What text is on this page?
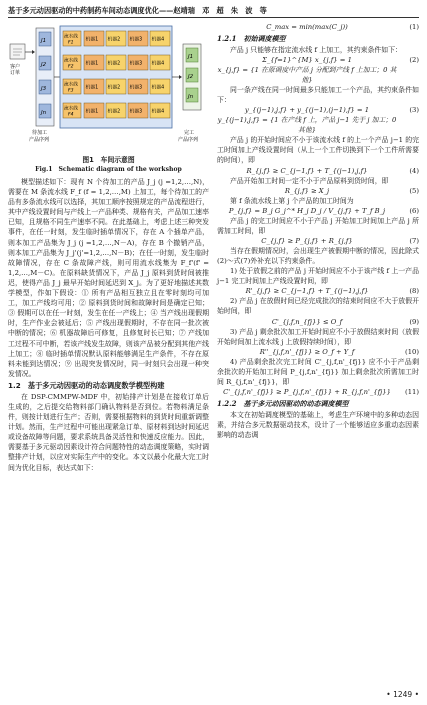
基于多元动因驱动的中药制药车间动态调度优化——赵靖瑞　邓　超　朱　波　等
客户
订单
J1
J2
J3
Jn
待加工
产品序列
流水线
F1
机器1 机器2 机器3 机器4
流水线
F2
机器1 机器2 机器3 机器4
流水线
F3
机器1 机器2 机器3 机器4
流水线
F4
机器1 机器2 机器3 机器4
J1
J2
Jn
完工
产品序列
图1　车间示意图
Fig.1　Schematic diagram of the workshop

模型描述如下：现有 N 个待加工的产品 J_j (j =1,2,…,N)，需要在 M 条流水线 F_f (f = 1,2,…,M) 上加工，每个待加工的产品有多条流水线可以选择，其加工顺序按照规定的产品流程进行，其中产线设置时间与产线上一产品种类、规格有关，产品加工速率已知，且规格不同生产速率不同。在此基础上，考虑上述三种突发事件，在任一时刻，发生临时插单情况下，存在 A 个插单产品，则本加工产品集为 J_j (j =1,2,…,N－A)，存在 B 个撤销产品，则本加工产品集为 J_j'(j'=1,2,…,N－B)；在任一时刻，发生临时故障情况，存在 C 条故障产线，则可用流水线集为 F_f'(f' = 1,2,…,M－C)。在原料缺货情况下，产品 J_j 原料到货时间被推迟，使得产品 J_j 最早开始时间延迟到 X_j。为了更好地描述其数学模型，作如下假设：① 所有产品相互独立且在零时刻均可加工，加工产线均可用；② 原料到货时间和故障时间是确定已知；③ 假期可以在任一时刻，发生在任一产线上；④ 当产线出现假期时，生产作业会被延后；⑤ 产线出现假期时，不存在同一批次被中断的情况；⑥ 机器故障后可修复，且修复时长已知；⑦ 产线加工过程不可中断，若该产线发生故障，则该产品被分配到其他产线上加工；⑧ 临时插单情况默认原料能够满足生产条件，不存在原料未能到达情况；⑨ 出现突发情况时，同一时刻只会出现一种突发情况。

1.2　基于多元动因驱动的动态调度数学模型构建

在 DSP-CMMPW-MDF 中，初始排产计划是在接收订单后生成的，之后提交给物料部门确认物料是否到位。若物料满足条件，则按计划进行生产；否则，需要根据物料的到货时间重新调整计划。然而，生产过程中可能出现紧急订单、原材料到达时间延迟或设备故障等问题，要求系统具备灵活性和快速反应能力。因此，需要基于多元驱动因素设计符合问题特性的动态调度策略，实时调整排产计划，以应对实际生产中的变化。本文以最小化最大完工时间为优化目标，表达式如下：

C_max = min(max(C_j))	(1)
1.2.1　初始调度模型

产品 j 只能够在指定流水线 f 上加工，其约束条件如下：

Σ_{f=1}^{M} x_{j,f} = 1	(2)
x_{j,f} = {1 在原调度中产品 j 分配到产线 f 上加工；0 其他}

同一条产线在同一时间最多只能加工一个产品，其约束条件如下：

y_{(j−1),j,f} + y_{(j−1),(j−1),f} = 1	(3)
y_{(j−1),j,f} = {1 在产线 f 上，产品 j−1 先于 j 加工；0 其他}

产品 j 的开始时间应不小于该流水线 f 的上一个产品 j−1 的完工时间加上产线设置时间（从上一个工件切换到下一个工件所需要的时间），即

R_{j,f} ≥ C_{j−1,f} + T_{(j−1),j,f}	(4)

产品开始加工时间一定不小于产品原料到货时间，即

R_{j,f} ≥ X_j	(5)

第 f 条流水线上第 j 个产品的加工时间为

P_{j,f} = B_j G_j^* H_j D_j / V_{j,f} + T_f B_j	(6)

产品 j 的完工时间应不小于产品 j 开始加工时间加上产品 j 所需加工时间，即

C_{j,f} ≥ P_{j,f} + R_{j,f}	(7)

当存在假期情况时，会出现生产被假期中断的情况，因此除式(2)～式(7)外补充以下约束条件。

1) 处于放假之前的产品 j 开始时间应不小于该产线 f 上一产品 j−1 完工时间加上产线设置时间，即

R'_{j,f} ≥ C_{j−1,f} + T_{(j−1),j,f}	(8)

2) 产品 j 在放假时间已经完成批次的结束时间应不大于放假开始时间，即

C'_{j,f,n_{fj}} ≤ O_f	(9)

3) 产品 j 剩余批次加工开始时间应不小于放假结束时间（放假开始时间加上流水线 j 上放假持续时间），即

R''_{j,f,n'_{fj}} ≥ O_f + Y_f	(10)

4) 产品剩余批次完工时间 C'_{j,f,n'_{fj}} 应不小于产品剩余批次的开始加工时间 P_{j,f,n'_{fj}} 加上剩余批次所需加工时间 R_{j,f,n'_{fj}}，即

C'_{j,f,n'_{fj}} ≥ P_{j,f,n'_{fj}} + R_{j,f,n'_{fj}}	(11)
1.2.2　基于多元动因驱动的动态调度模型

本文在初始调度模型的基础上，考虑生产环境中的多种动态因素，并结合多元数据驱动技术，设计了一个能够适应多重动态因素影响的动态调

• 1249 •
